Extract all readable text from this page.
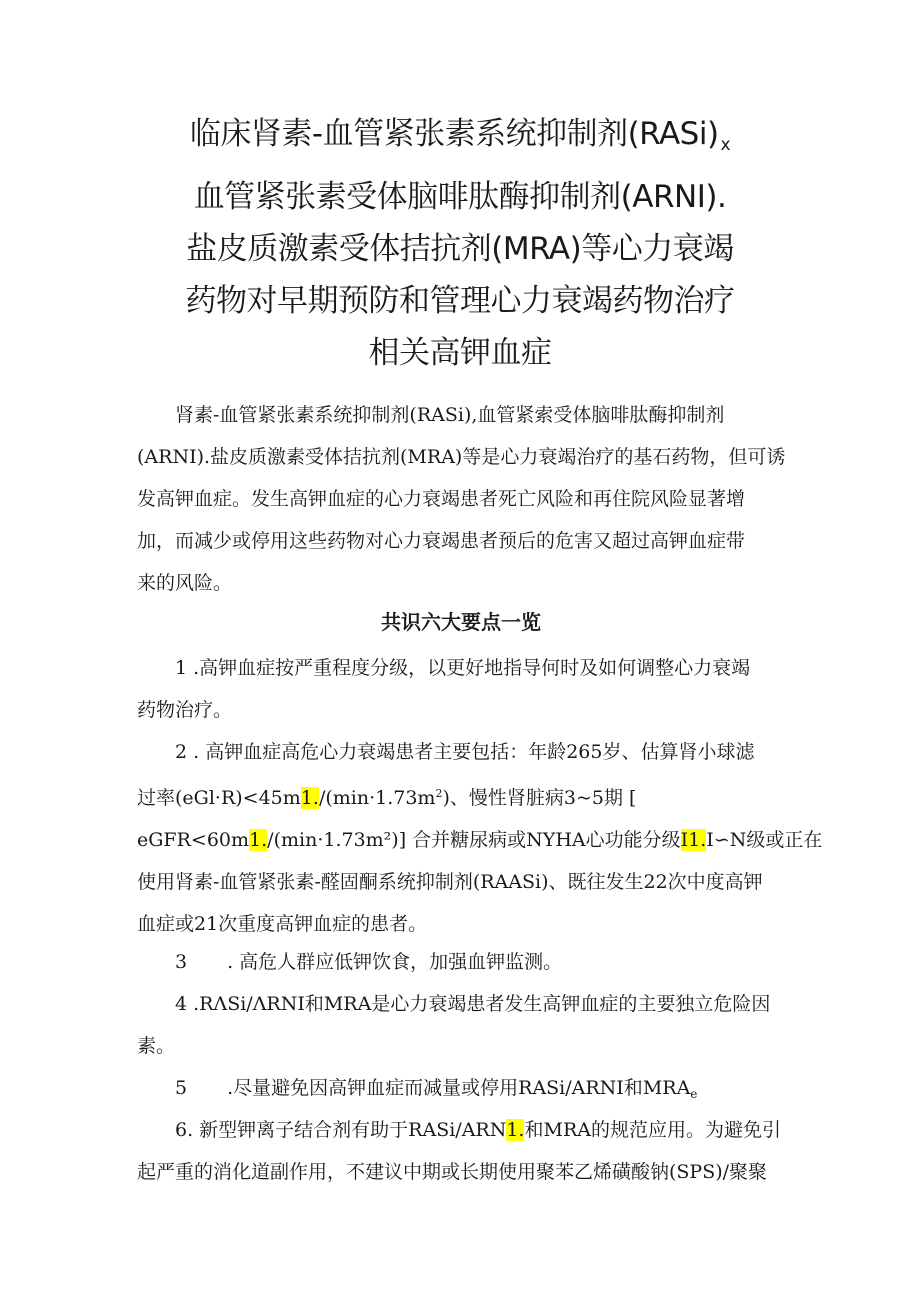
临床肾素-血管紧张素系统抑制剂(RASi) x
血管紧张素受体脑啡肽酶抑制剂(ARNI).
盐皮质激素受体拮抗剂(MRA)等心力衰竭
药物对早期预防和管理心力衰竭药物治疗
相关高钾血症

肾素-血管紧张素系统抑制剂(RASi),血管紧索受体脑啡肽酶抑制剂
(ARNI).盐皮质激素受体拮抗剂(MRA)等是心力衰竭治疗的基石药物，但可诱
发高钾血症。发生高钾血症的心力衰竭患者死亡风险和再住院风险显著增
加，而减少或停用这些药物对心力衰竭患者预后的危害又超过高钾血症带
来的风险。

共识六大要点一览

1 .高钾血症按严重程度分级，以更好地指导何时及如何调整心力衰竭
药物治疗。

2 . 高钾血症高危心力衰竭患者主要包括：年龄265岁、估算肾小球滤
过率$(eGl\cdot R)<45m1./(\min\cdot 1.73m^2)$、慢性肾脏病3~5期 [
eGFR<60m1./(min·1.73m²)] 合并糖尿病或NYHA心功能分级I1.I∽N级或正在
使用肾素-血管紧张素-醛固酮系统抑制剂(RAASi)、既往发生22次中度高钾
血症或21次重度高钾血症的患者。

3 . 高危人群应低钾饮食，加强血钾监测。

4 .RΛSi/ΛRNI和MRA是心力衰竭患者发生高钾血症的主要独立危险因
素。

5 .尽量避免因高钾血症而减量或停用RASi/ARNI和$MRA_e$

6. 新型钾离子结合剂有助于RASi/ARN1.和MRA的规范应用。为避免引
起严重的消化道副作用，不建议中期或长期使用聚苯乙烯磺酸钠(SPS)/聚聚
